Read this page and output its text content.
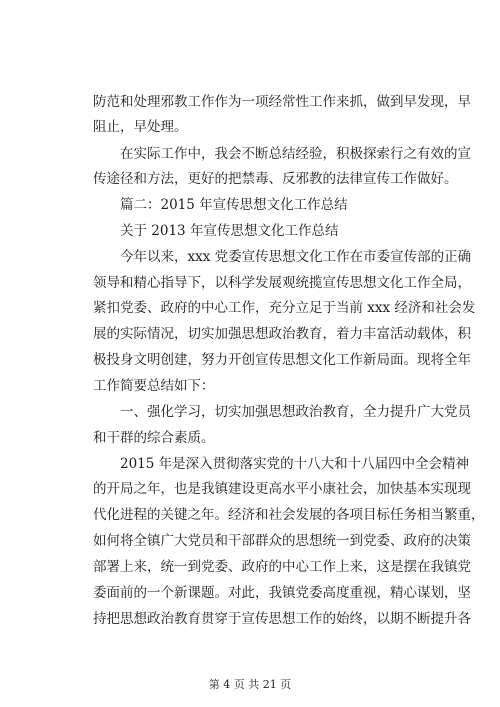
防范和处理邪教工作作为一项经常性工作来抓，做到早发现，早
阻止，早处理。
在实际工作中，我会不断总结经验，积极探索行之有效的宣
传途径和方法，更好的把禁毒、反邪教的法律宣传工作做好。
篇二：2015 年宣传思想文化工作总结
关于 2013 年宣传思想文化工作总结
今年以来，xxx 党委宣传思想文化工作在市委宣传部的正确
领导和精心指导下，以科学发展观统揽宣传思想文化工作全局，
紧扣党委、政府的中心工作，充分立足于当前 xxx 经济和社会发
展的实际情况，切实加强思想政治教育，着力丰富活动载体，积
极投身文明创建，努力开创宣传思想文化工作新局面。现将全年
工作简要总结如下：
一、强化学习，切实加强思想政治教育，全力提升广大党员
和干群的综合素质。
2015 年是深入贯彻落实党的十八大和十八届四中全会精神
的开局之年，也是我镇建设更高水平小康社会，加快基本实现现
代化进程的关键之年。经济和社会发展的各项目标任务相当繁重，
如何将全镇广大党员和干部群众的思想统一到党委、政府的决策
部署上来，统一到党委、政府的中心工作上来，这是摆在我镇党
委面前的一个新课题。对此，我镇党委高度重视，精心谋划，坚
持把思想政治教育贯穿于宣传思想工作的始终，以期不断提升各
第 4 页 共 21 页
